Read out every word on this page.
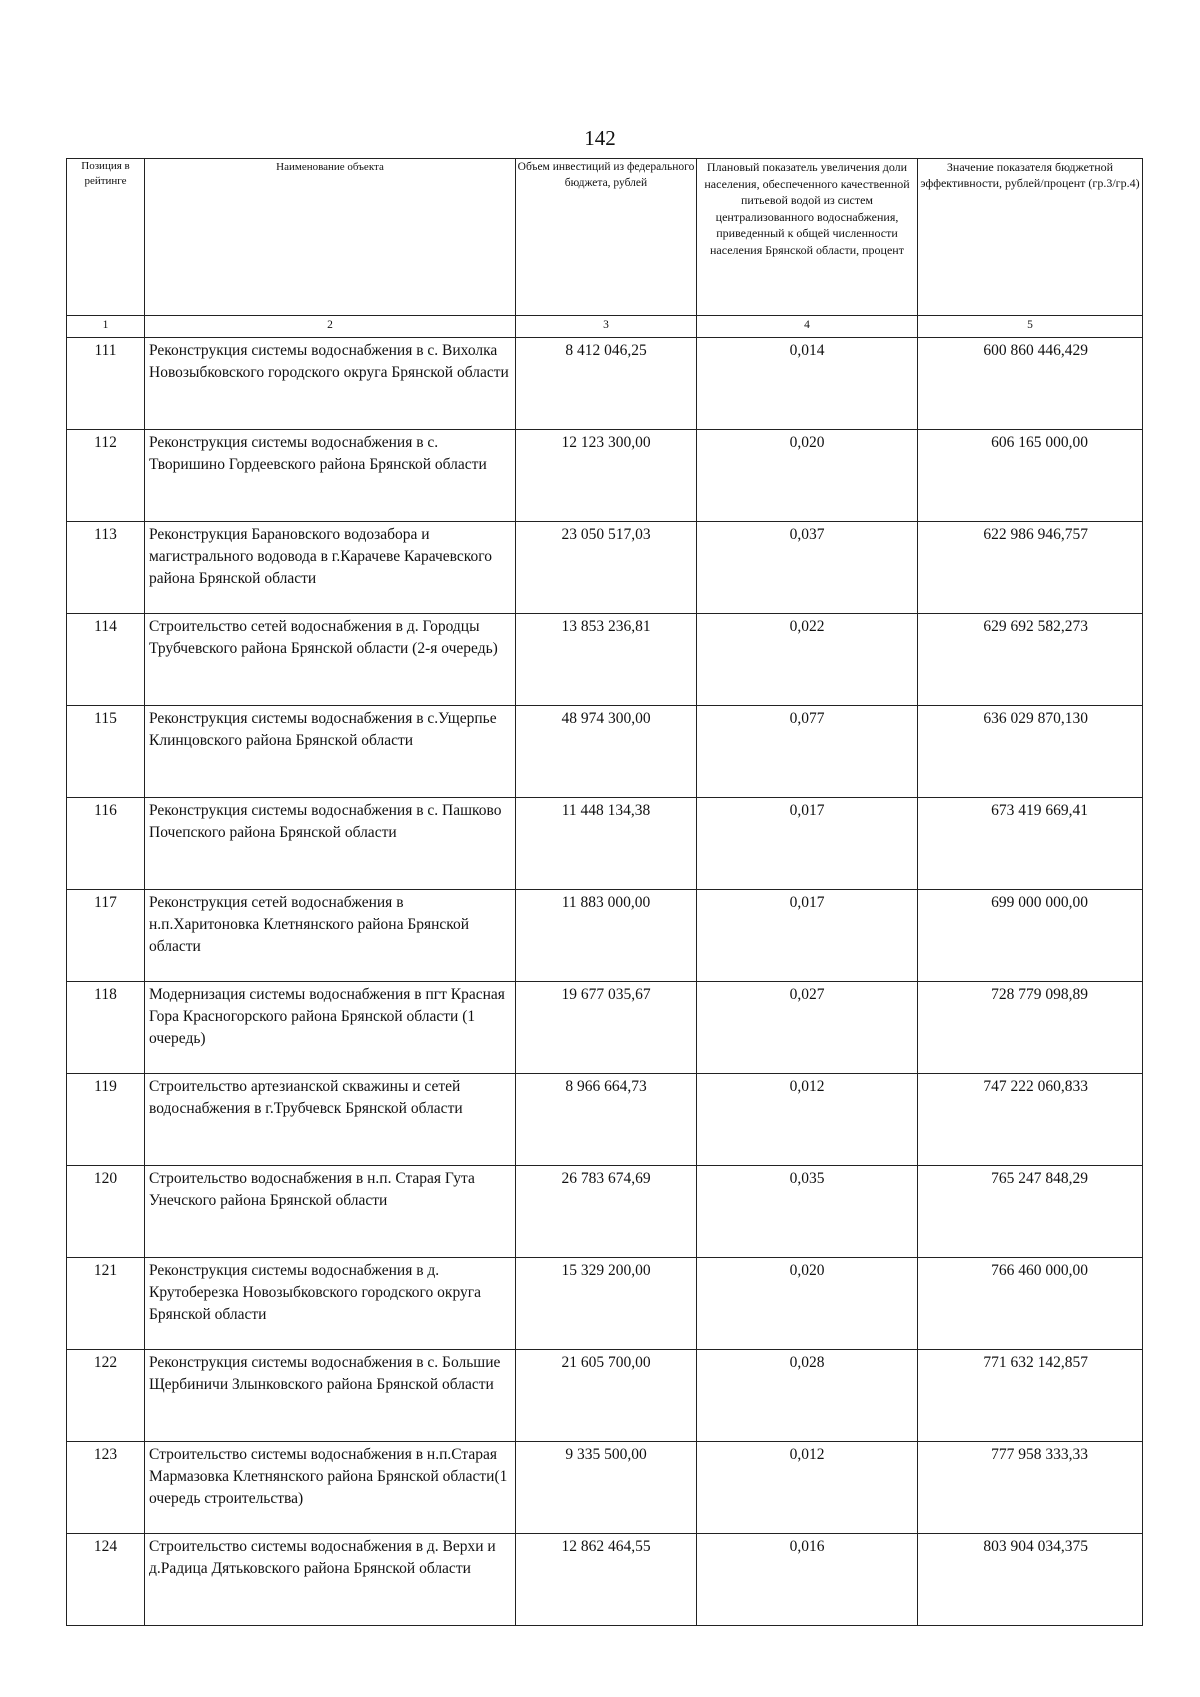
142
Позиция в рейтинге	Наименование объекта	Объем инвестиций из федерального бюджета, рублей	Плановый показатель увеличения доли населения, обеспеченного качественной питьевой водой из систем централизованного водоснабжения, приведенный к общей численности населения Брянской области, процент	Значение показателя бюджетной эффективности, рублей/процент (гр.3/гр.4)
1	2	3	4	5
111	Реконструкция системы водоснабжения в с. Вихолка Новозыбковского городского округа Брянской области	8 412 046,25	0,014	600 860 446,429
112	Реконструкция системы водоснабжения в с. Творишино Гордеевского района Брянской области	12 123 300,00	0,020	606 165 000,00
113	Реконструкция Барановского водозабора и магистрального водовода в г.Карачеве Карачевского района Брянской области	23 050 517,03	0,037	622 986 946,757
114	Строительство сетей водоснабжения в д. Городцы Трубчевского района Брянской области (2-я очередь)	13 853 236,81	0,022	629 692 582,273
115	Реконструкция системы водоснабжения в с.Ущерпье Клинцовского района Брянской области	48 974 300,00	0,077	636 029 870,130
116	Реконструкция системы водоснабжения в с. Пашково Почепского района Брянской области	11 448 134,38	0,017	673 419 669,41
117	Реконструкция сетей водоснабжения в н.п.Харитоновка Клетнянского района Брянской области	11 883 000,00	0,017	699 000 000,00
118	Модернизация системы водоснабжения в пгт Красная Гора Красногорского района Брянской области (1 очередь)	19 677 035,67	0,027	728 779 098,89
119	Строительство артезианской скважины и сетей водоснабжения в г.Трубчевск Брянской области	8 966 664,73	0,012	747 222 060,833
120	Строительство водоснабжения в н.п. Старая Гута Унечского района Брянской области	26 783 674,69	0,035	765 247 848,29
121	Реконструкция системы водоснабжения в д. Крутоберезка Новозыбковского городского округа Брянской области	15 329 200,00	0,020	766 460 000,00
122	Реконструкция системы водоснабжения в с. Большие Щербиничи Злынковского района Брянской области	21 605 700,00	0,028	771 632 142,857
123	Строительство системы водоснабжения в н.п.Старая Мармазовка Клетнянского района Брянской области(1 очередь строительства)	9 335 500,00	0,012	777 958 333,33
124	Строительство системы водоснабжения в д. Верхи и д.Радица Дятьковского района Брянской области	12 862 464,55	0,016	803 904 034,375
